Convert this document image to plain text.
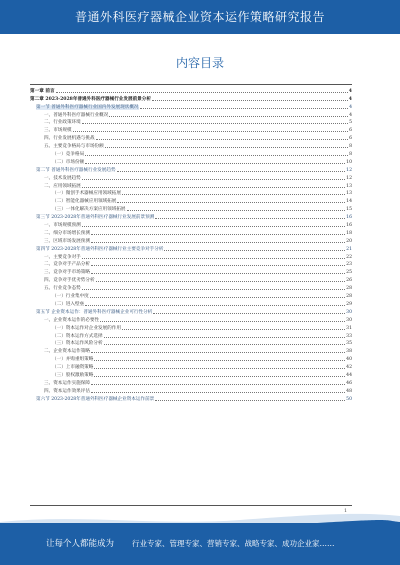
普通外科医疗器械企业资本运作策略研究报告
内容目录
第一章 前言	4
第二章 2023-2028年普通外科医疗器械行业发展前景分析	4
第一节 普通外科医疗器械行业国内外发展现状概况	4
一、普通外科医疗器械行业概况	4
二、行业政策环境	5
三、市场规模	6
四、行业发展机遇与挑战	6
五、主要竞争格局与市场份额	8
（一）竞争格局	8
（二）市场份额	10
第二节 普通外科医疗器械行业发展趋势	12
一、技术发展趋势	12
二、应用领域拓展	13
（一）微创手术器械应用领域拓展	13
（二）智能化器械应用领域拓展	14
（三）一体化解决方案应用领域拓展	15
第三节 2023-2028年普通外科医疗器械行业发展前景预测	16
一、市场规模预测	16
二、细分市场增长预测	18
三、区域市场发展预测	20
第四节 2023-2028年普通外科医疗器械行业主要竞争对手分析	21
一、主要竞争对手	22
二、竞争对手产品分析	23
三、竞争对手市场策略	25
四、竞争对手优劣势分析	26
五、行业竞争态势	28
（一）行业集中度	28
（二）进入壁垒	29
第五节 企业资本运作：普通外科医疗器械企业可行性分析	30
一、企业资本运作的必要性	30
（一）资本运作对企业发展的作用	31
（二）资本运作方式选择	33
（三）资本运作风险分析	35
二、企业资本运作策略	38
（一）并购重组策略	40
（二）上市融资策略	42
（三）股权激励策略	44
三、资本运作实施保障	46
四、资本运作效果评估	48
第六节 2023-2028年普通外科医疗器械企业资本运作前景	50
1
让每个人都能成为 行业专家、管理专家、营销专家、战略专家、成功企业家……
